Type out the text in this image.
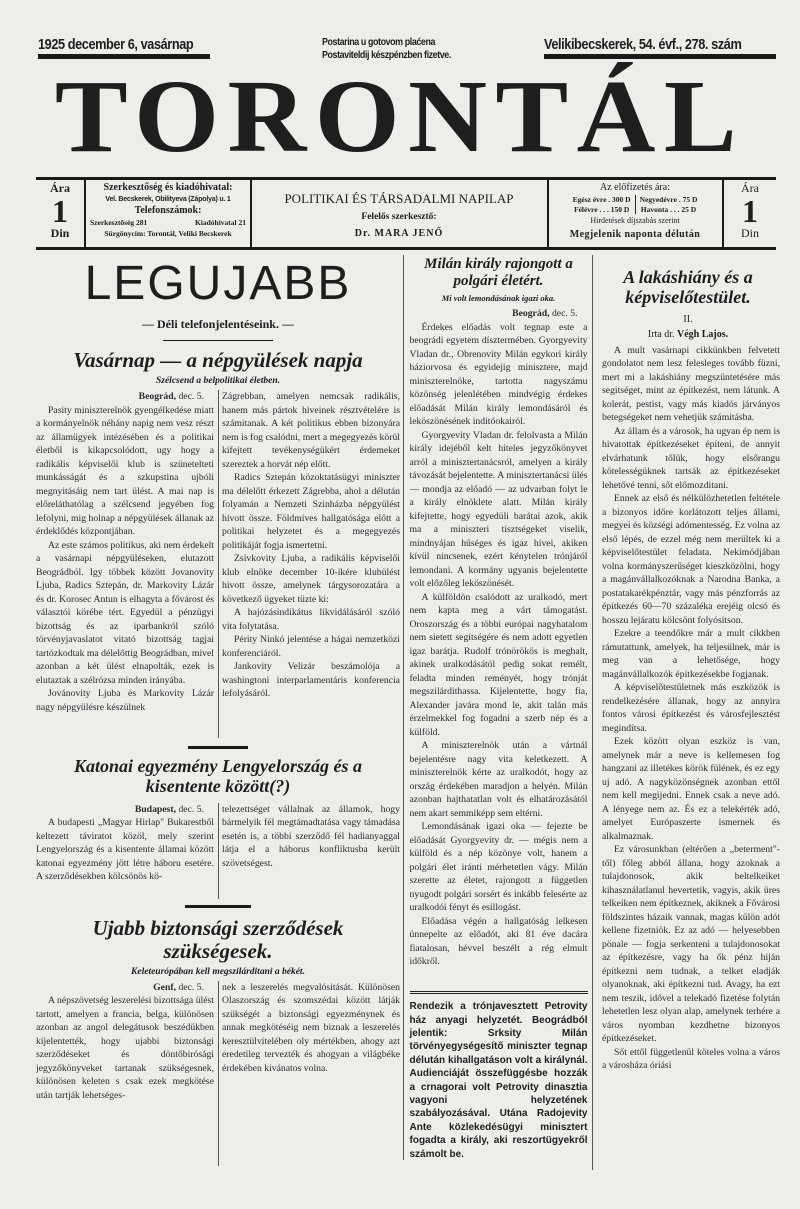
1925 december 6, vasárnap	Postarina u gotovom plaćena
Postaviteldij készpénzben fizetve.
Velikibecskerek, 54. évf., 278. szám
TORONTÁL
Ára
1
Din
Szerkesztőség és kiadóhivatal:
Vel. Becskerek, Obilityeva (Zápolya) u. 1
Telefonszámok:
Szerkesztőség 281	Kiadóhivatal 21
Sürgönycím: Torontál, Veliki Becskerek
POLITIKAI ÉS TÁRSADALMI NAPILAP
Felelős szerkesztő:
Dr. MARA JENŐ
Az előfizetés ára:
Egész évre . 300 D
Félévre . . . 150 D
Negyedévre . 75 D
Havonta . . . 25 D
Hirdetések díjszabás szerint
Megjelenik naponta délután
Ára
1
Din
LEGUJABB
— Déli telefonjelentéseink. —
Vasárnap — a népgyülések napja
Szélcsend a belpolitikai életben.
Beográd, dec. 5.

Pasity miniszterelnök gyengélkedése miatt a kormányelnök néhány napig nem vesz részt az államügyek intézésében és a politikai életből is kikapcsolódott, ugy hogy a radikális képviselői klub is szünetelteti munkásságát és a szkupstina ujbóli megnyitásáig nem tart ülést. A mai nap is előreláthatólag a szélcsend jegyében fog lefolyni, mig holnap a népgyülések állanak az érdeklődés központjában.

Az este számos politikus, aki nem érdekelt a vasárnapi népgyüléseken, elutazott Beográdból. Igy többek között Jovanovity Ljuba, Radics Sztepán, dr. Markovity Lázár és dr. Korosec Antun is elhagyta a fővárost és választói körébe tért. Egyedül a pénzügyi bizottság és az iparbankról szóló törvényjavaslatot vitató bizottság tagjai tartózkodtak ma délelőttig Beográdban, mivel azonban a két ülést elnapolták, ezek is elutaztak a szélrózsa minden irányába.

Jovánovity Ljuba és Markovity Lázár nagy népgyülésre készülnek

Zágrebban, amelyen nemcsak radikális, hanem más pártok hiveinek résztvételére is számitanak. A két politikus ebben bizonyára nem is fog csalódni, mert a megegyezés körül kifejtett tevékenységükért érdemeket szereztek a horvát nép előtt.

Radics Sztepán közoktatásügyi miniszter ma délelőtt érkezett Zágrebba, ahol a délután folyamán a Nemzeti Szinházba népgyülést hivott össze. Földmíves hallgatósága előtt a politikai helyzetet és a megegyezés politikáját fogja ismertetni.

Zsivkovity Ljuba, a radikális képviselői klub elnöke december 10-ikére klubülést hivott össze, amelynek tárgysorozatára a következő ügyeket tüzte ki:

A hajózásindikátus likvidálásáról szóló vita folytatása.

Périty Ninkó jelentése a hágai nemzetközi konferenciáról.

Jankovity Velizár beszámolója a washingtoni interparlamentáris konferencia lefolyásáról.

Katonai egyezmény Lengyelország és a kisentente között(?)
Budapest, dec. 5.

A budapesti „Magyar Hirlap" Bukarestből keltezett táviratot közöl, mely szerint Lengyelország és a kisentente államai között katonai egyezmény jött létre háboru esetére. A szerződésekben kölcsönös kö-

telezettséget vállalnak az államok, hogy bármelyik fél megtámadtatása vagy támadása esetén is, a többi szerződő fél hadianyaggal látja el a háborus konfliktusba került szövetségest.

Ujabb biztonsági szerződések szükségesek.
Keleteurópában kell megszilárditani a békét.
Genf, dec. 5.

A népszövetség leszerelési bizottsága ülést tartott, amelyen a francia, belga, különösen azonban az angol delegátusok beszédükben kijelentették, hogy ujabbi biztonsági szerződéseket és döntőbirósági jegyzőkönyveket tartanak szükségesnek, különösen keleten s csak ezek megkötése után tartják lehetséges-

nek a leszerelés megvalósitását. Különösen Olaszország és szomszédai között látják szükségét a biztonsági egyezménynek és annak megkötéséig nem biznak a leszerelés keresztülvitelében oly mértékben, ahogy azt eredetileg tervezték és ahogyan a világbéke érdekében kivánatos volna.

Milán király rajongott a polgári életért.
Mi volt lemondásának igazi oka.
Beográd, dec. 5.

Érdekes előadás volt tegnap este a beográdi egyetem dísztermében. Gyorgyevity Vladan dr., Obrenovity Milán egykori király háziorvosa és egyidejig minisztere, majd miniszterelnöke, tartotta nagyszámu közönség jelenlétében mindvégig érdekes előadását Milán király lemondásáról és leköszönésének inditóokairól.

Gyorgyevity Vladan dr. felolvasta a Milán király idejéből kelt hiteles jegyzőkönyvet arról a minisztertanácsról, amelyen a király távozását bejelentette. A minisztertanácsi ülés — mondja az előadó — az udvarban folyt le a király elnöklete alatt. Milán király kifejtette, hogy egyedüli barátai azok, akik ma a miniszteri tisztségeket viselik, mindnyájan hűséges és igaz hívei, akiken kívül nincsenek, ezért kénytelen trónjáról lemondani. A kormány ugyanis bejelentette volt előzőleg leköszönését.

A külföldön csalódott az uralkodó, mert nem kapta meg a várt támogatást. Oroszország és a többi európai nagyhatalom nem sietett segítségére és nem adott egyetlen igaz barátja. Rudolf trónörökös is meghalt, akinek uralkodásától pedig sokat remélt, feladta minden reményét, hogy trónját megszilárdithassa. Kijelentette, hogy fia, Alexander javára mond le, akit talán más érzelmekkel fog fogadni a szerb nép és a külföld.

A miniszterelnök után a vártnál bejelentésre nagy vita keletkezett. A miniszterelnök kérte az uralkodót, hogy az ország érdekében maradjon a helyén. Milán azonban hajthatatlan volt és elhatározásától nem akart semmiképp sem eltérni.

Lemondásának igazi oka — fejezte be előadását Gyorgyevity dr. — mégis nem a külföld és a nép közönye volt, hanem a polgári élet iránti mérhetetlen vágy. Milán szerette az életet, rajongott a független nyugodt polgári sorsért és inkább felesérte az uralkodói fényt és esillogást.

Előadása végén a hallgatóság lelkesen ünnepelte az előadót, aki 81 éve dacára fiatalosan, hévvel beszélt a rég elmult időkről.

Rendezik a trónjavesztett Petrovity ház anyagi helyzetét. Beográdból jelentik: Srksity Milán törvényegységesítő miniszter tegnap délután kihallgatáson volt a királynál. Audienciáját összefüggésbe hozzák a crnagorai volt Petrovity dinasztia vagyoni helyzetének szabályozásával. Utána Radojevity Ante közlekedésügyi minisztert fogadta a király, aki reszortügyekről számolt be.
A lakáshiány és a képviselőtestület.
II.
Irta dr. Végh Lajos.

A mult vasárnapi cikkünkben felvetett gondolatot nem lesz felesleges tovább füzni, mert mi a lakáshiány megszüntetésére más segitséget, mint az építkezést, nem látunk. A kolerát, pestist, vagy más kiadós járványos betegségeket nem vehetjük számitásba.

Az állam és a városok, ha ugyan ép nem is hivatottak építkezéseket építeni, de annyit elvárhatunk tőlük, hogy elsőrangu kötelességüknek tartsák az építkezéseket lehetővé tenni, sőt előmozditani.

Ennek az első és nélkülözhetetlen feltétele a bizonyos időre korlátozott teljes állami, megyei és községi adómentesség. Ez volna az első lépés, de ezzel még nem merültek ki a képviselőtestület feladata. Nekimódjában volna kormányszerűséget kieszközölni, hogy a magánvállalkozóknak a Narodna Banka, a postatakarékpénztár, vagy más pénzforrás az építkezés 60—70 százaléka erejéig olcsó és hosszu lejáratu kölcsönt folyósitson.

Ezekre a teendőkre már a mult cikkben rámutattunk, amelyek, ha teljesülnek, már is meg van a lehetősége, hogy magánvállalkozók építkezésekbe fogjanak.

A képviselőtestületnek más eszközök is rendelkezésére állanak, hogy az annyira fontos városi építkezést és városfejlesztést megindítsa.

Ezek között olyan eszköz is van, amelynek már a neve is kellemesen fog hangzani az illetékes körök fülének, és ez egy uj adó. A nagyközönségnek azonban ettől nem kell megijedni. Ennek csak a neve adó. A lényege nem az. És ez a telekérték adó, amelyet Európaszerte ismernek és alkalmaznak.

Ez városunkban (eltérően a „beterment"-től) főleg abból állana, hogy azoknak a tulajdonosok, akik beltelkeiket kihasználatlanul hevertetik, vagyis, akik üres telkeiken nem építkeznek, akiknek a Fővárosi földszintes házaik vannak, magas külön adót kellene fizetniök. Ez az adó — helyesebben pönale — fogja serkenteni a tulajdonosokat az építkezésre, vagy ha ők pénz hiján építkezni nem tudnak, a telket eladják olyanoknak, aki építkezni tud. Avagy, ha ezt nem teszik, idővel a telekadó fizetése folytán lehetetlen lesz olyan alap, amelynek terhére a város nyomban kezdhetne bizonyos építkezéseket.

Sőt ettől függetlenül köteles volna a város a városháza óriási
